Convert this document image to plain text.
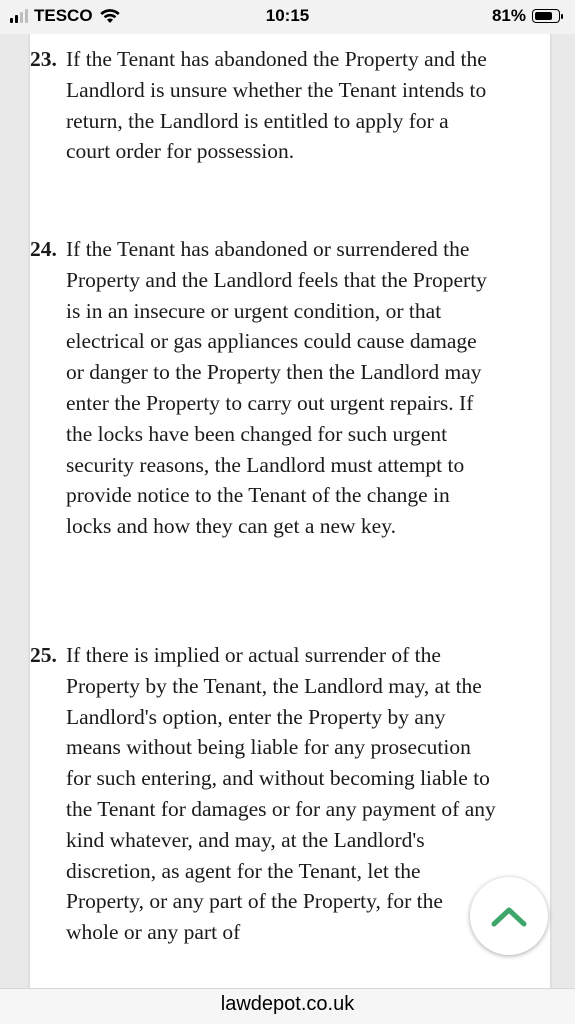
TESCO	10:15	81%
23. If the Tenant has abandoned the Property and the Landlord is unsure whether the Tenant intends to return, the Landlord is entitled to apply for a court order for possession.

24. If the Tenant has abandoned or surrendered the Property and the Landlord feels that the Property is in an insecure or urgent condition, or that electrical or gas appliances could cause damage or danger to the Property then the Landlord may enter the Property to carry out urgent repairs. If the locks have been changed for such urgent security reasons, the Landlord must attempt to provide notice to the Tenant of the change in locks and how they can get a new key.

25. If there is implied or actual surrender of the Property by the Tenant, the Landlord may, at the Landlord's option, enter the Property by any means without being liable for any prosecution for such entering, and without becoming liable to the Tenant for damages or for any payment of any kind whatever, and may, at the Landlord's discretion, as agent for the Tenant, let the Property, or any part of the Property, for the whole or any part of

lawdepot.co.uk
